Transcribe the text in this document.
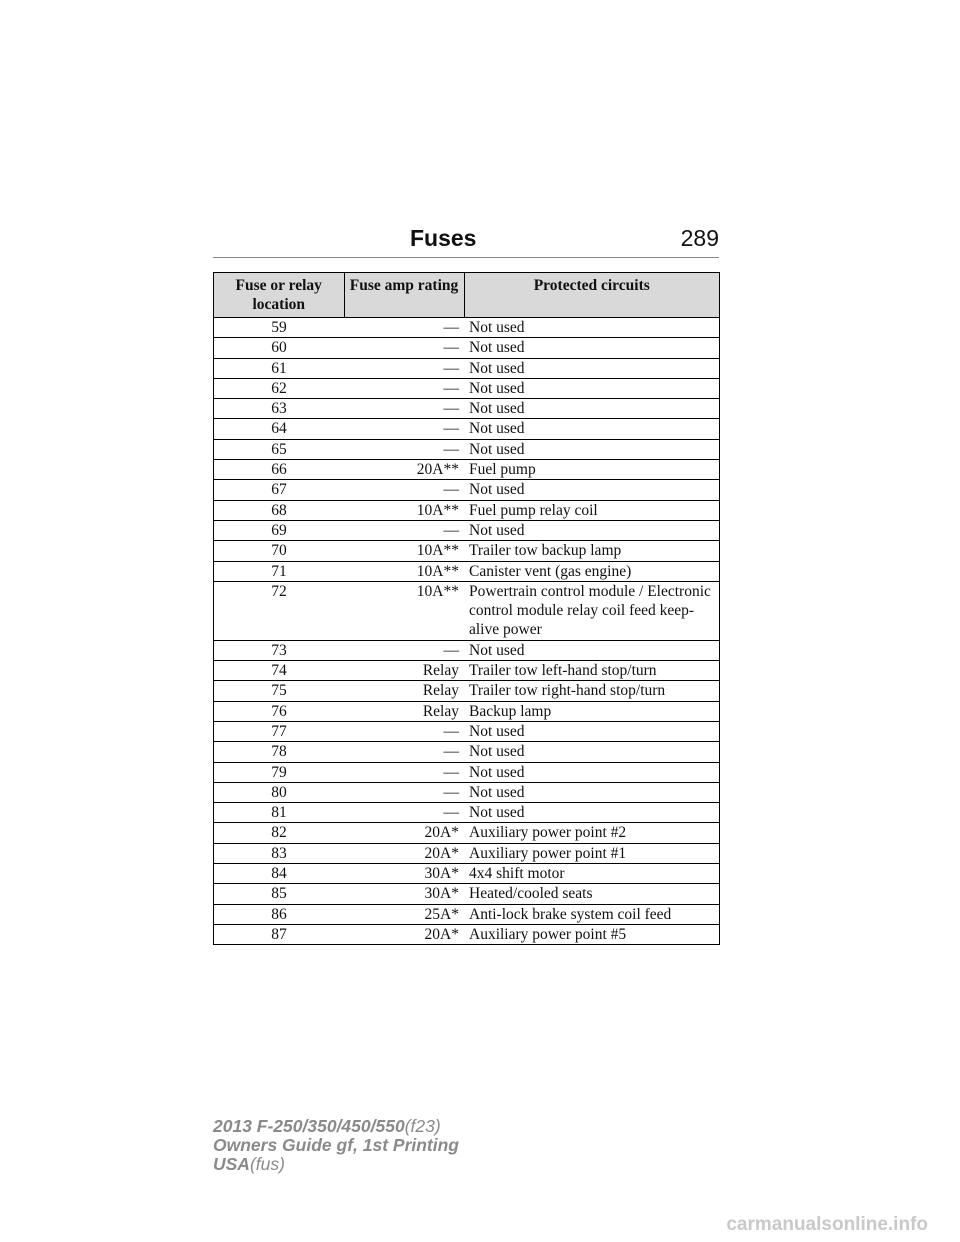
Fuses	289
Fuse or relay location	Fuse amp rating	Protected circuits
59	—	Not used
60	—	Not used
61	—	Not used
62	—	Not used
63	—	Not used
64	—	Not used
65	—	Not used
66	20A**	Fuel pump
67	—	Not used
68	10A**	Fuel pump relay coil
69	—	Not used
70	10A**	Trailer tow backup lamp
71	10A**	Canister vent (gas engine)
72	10A**	Powertrain control module / Electronic control module relay coil feed keep-alive power
73	—	Not used
74	Relay	Trailer tow left-hand stop/turn
75	Relay	Trailer tow right-hand stop/turn
76	Relay	Backup lamp
77	—	Not used
78	—	Not used
79	—	Not used
80	—	Not used
81	—	Not used
82	20A*	Auxiliary power point #2
83	20A*	Auxiliary power point #1
84	30A*	4x4 shift motor
85	30A*	Heated/cooled seats
86	25A*	Anti-lock brake system coil feed
87	20A*	Auxiliary power point #5
2013 F-250/350/450/550(f23)
Owners Guide gf, 1st Printing
USA(fus)
carmanualsonline.info
